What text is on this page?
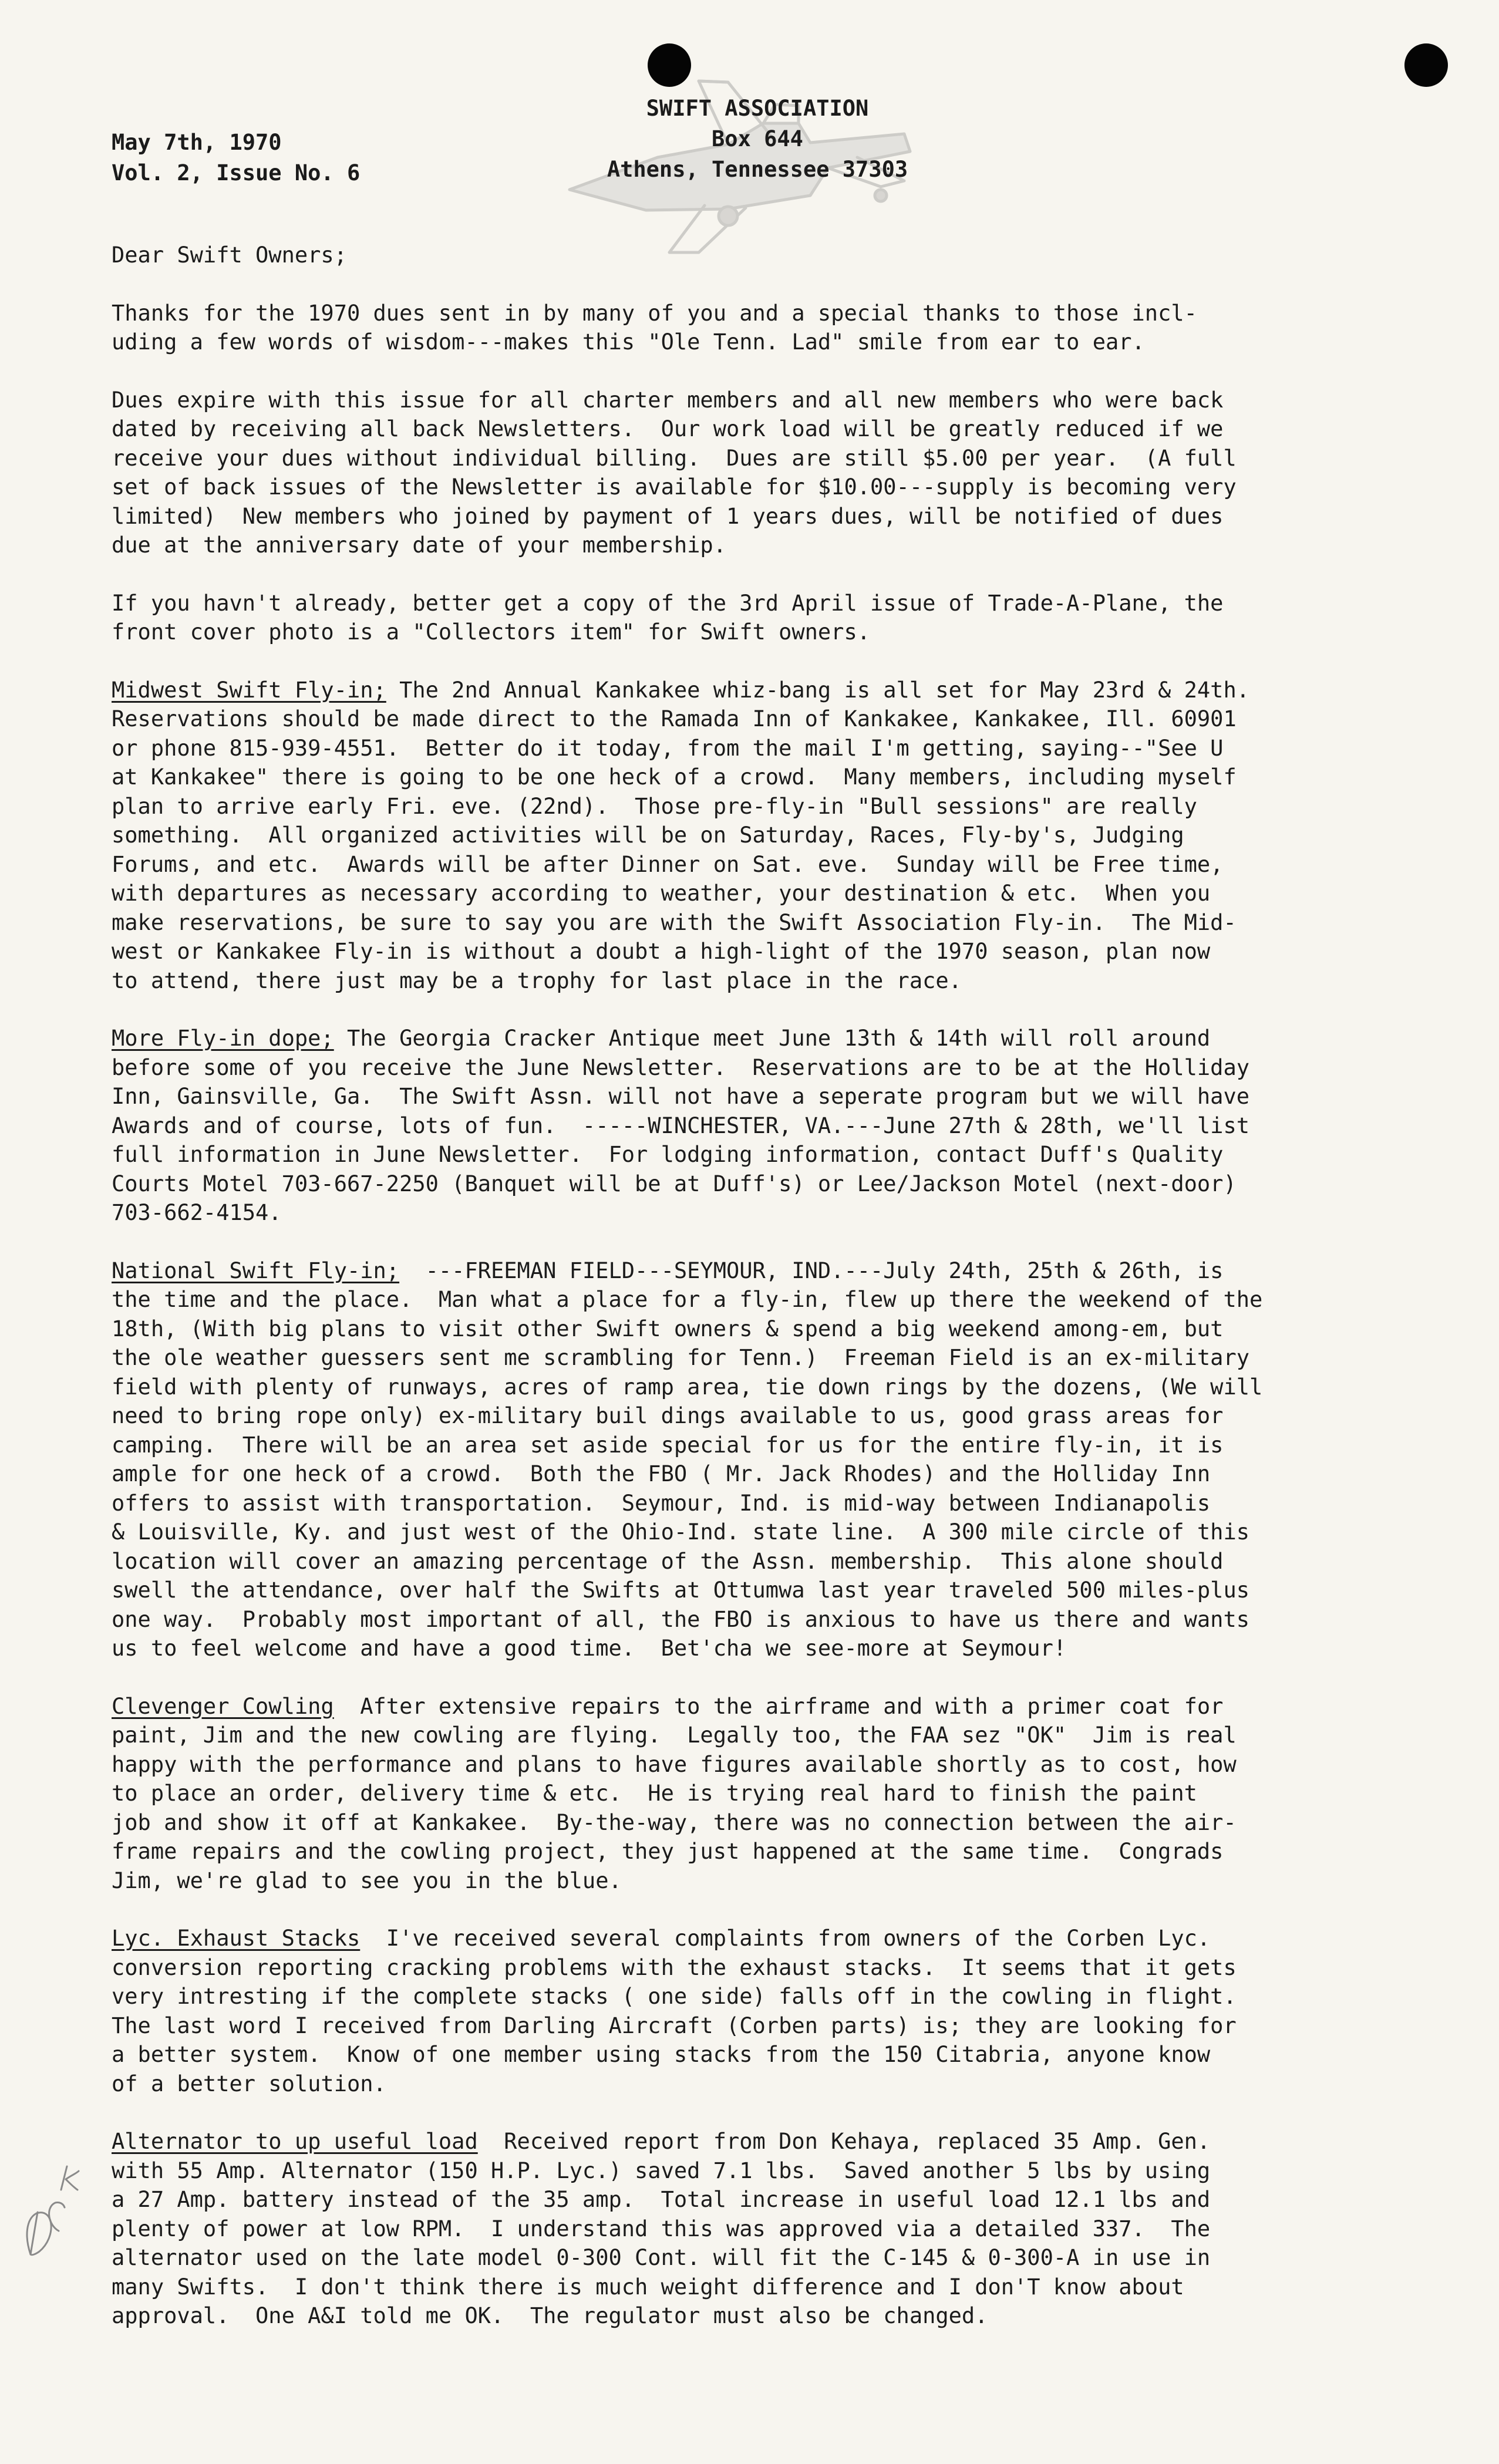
May 7th, 1970
Vol. 2, Issue No. 6
SWIFT ASSOCIATION
Box 644
Athens, Tennessee 37303
Dear Swift Owners;
Thanks for the 1970 dues sent in by many of you and a special thanks to those incl-
uding a few words of wisdom---makes this "Ole Tenn. Lad" smile from ear to ear.
Dues expire with this issue for all charter members and all new members who were back
dated by receiving all back Newsletters.  Our work load will be greatly reduced if we
receive your dues without individual billing.  Dues are still $5.00 per year.  (A full
set of back issues of the Newsletter is available for $10.00---supply is becoming very
limited)  New members who joined by payment of 1 years dues, will be notified of dues
due at the anniversary date of your membership.
If you havn't already, better get a copy of the 3rd April issue of Trade-A-Plane, the
front cover photo is a "Collectors item" for Swift owners.
Midwest Swift Fly-in; The 2nd Annual Kankakee whiz-bang is all set for May 23rd & 24th.
Reservations should be made direct to the Ramada Inn of Kankakee, Kankakee, Ill. 60901
or phone 815-939-4551.  Better do it today, from the mail I'm getting, saying--"See U
at Kankakee" there is going to be one heck of a crowd.  Many members, including myself
plan to arrive early Fri. eve. (22nd).  Those pre-fly-in "Bull sessions" are really
something.  All organized activities will be on Saturday, Races, Fly-by's, Judging
Forums, and etc.  Awards will be after Dinner on Sat. eve.  Sunday will be Free time,
with departures as necessary according to weather, your destination & etc.  When you
make reservations, be sure to say you are with the Swift Association Fly-in.  The Mid-
west or Kankakee Fly-in is without a doubt a high-light of the 1970 season, plan now
to attend, there just may be a trophy for last place in the race.
More Fly-in dope; The Georgia Cracker Antique meet June 13th & 14th will roll around
before some of you receive the June Newsletter.  Reservations are to be at the Holliday
Inn, Gainsville, Ga.  The Swift Assn. will not have a seperate program but we will have
Awards and of course, lots of fun.  -----WINCHESTER, VA.---June 27th & 28th, we'll list
full information in June Newsletter.  For lodging information, contact Duff's Quality
Courts Motel 703-667-2250 (Banquet will be at Duff's) or Lee/Jackson Motel (next-door)
703-662-4154.
National Swift Fly-in;  ---FREEMAN FIELD---SEYMOUR, IND.---July 24th, 25th & 26th, is
the time and the place.  Man what a place for a fly-in, flew up there the weekend of the
18th, (With big plans to visit other Swift owners & spend a big weekend among-em, but
the ole weather guessers sent me scrambling for Tenn.)  Freeman Field is an ex-military
field with plenty of runways, acres of ramp area, tie down rings by the dozens, (We will
need to bring rope only) ex-military buil dings available to us, good grass areas for
camping.  There will be an area set aside special for us for the entire fly-in, it is
ample for one heck of a crowd.  Both the FBO ( Mr. Jack Rhodes) and the Holliday Inn
offers to assist with transportation.  Seymour, Ind. is mid-way between Indianapolis
& Louisville, Ky. and just west of the Ohio-Ind. state line.  A 300 mile circle of this
location will cover an amazing percentage of the Assn. membership.  This alone should
swell the attendance, over half the Swifts at Ottumwa last year traveled 500 miles-plus
one way.  Probably most important of all, the FBO is anxious to have us there and wants
us to feel welcome and have a good time.  Bet'cha we see-more at Seymour!
Clevenger Cowling  After extensive repairs to the airframe and with a primer coat for
paint, Jim and the new cowling are flying.  Legally too, the FAA sez "OK"  Jim is real
happy with the performance and plans to have figures available shortly as to cost, how
to place an order, delivery time & etc.  He is trying real hard to finish the paint
job and show it off at Kankakee.  By-the-way, there was no connection between the air-
frame repairs and the cowling project, they just happened at the same time.  Congrads
Jim, we're glad to see you in the blue.
Lyc. Exhaust Stacks  I've received several complaints from owners of the Corben Lyc.
conversion reporting cracking problems with the exhaust stacks.  It seems that it gets
very intresting if the complete stacks ( one side) falls off in the cowling in flight.
The last word I received from Darling Aircraft (Corben parts) is; they are looking for
a better system.  Know of one member using stacks from the 150 Citabria, anyone know
of a better solution.
Alternator to up useful load  Received report from Don Kehaya, replaced 35 Amp. Gen.
with 55 Amp. Alternator (150 H.P. Lyc.) saved 7.1 lbs.  Saved another 5 lbs by using
a 27 Amp. battery instead of the 35 amp.  Total increase in useful load 12.1 lbs and
plenty of power at low RPM.  I understand this was approved via a detailed 337.  The
alternator used on the late model 0-300 Cont. will fit the C-145 & 0-300-A in use in
many Swifts.  I don't think there is much weight difference and I don'T know about
approval.  One A&I told me OK.  The regulator must also be changed.
